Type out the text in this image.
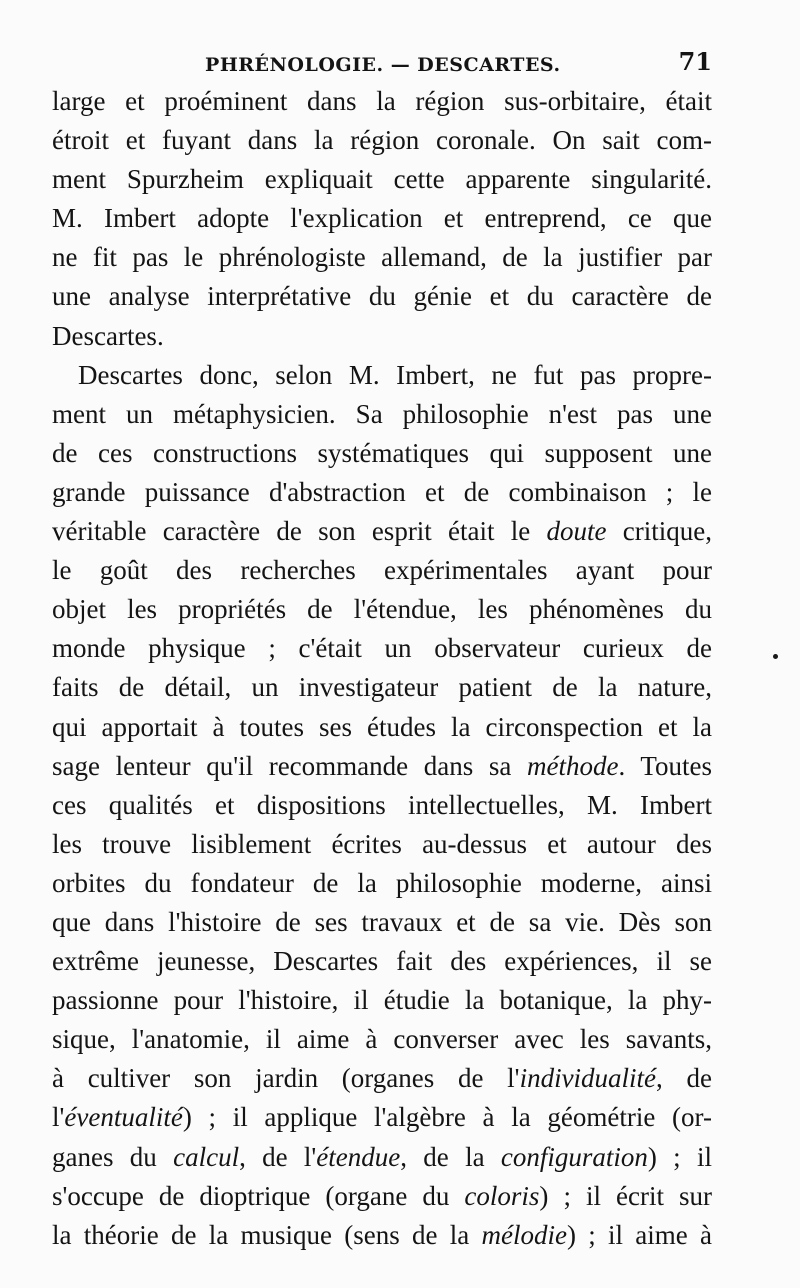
PHRÉNOLOGIE. — DESCARTES.	71
large et proéminent dans la région sus-orbitaire, était
étroit et fuyant dans la région coronale. On sait com-
ment Spurzheim expliquait cette apparente singularité.
M. Imbert adopte l'explication et entreprend, ce que
ne fit pas le phrénologiste allemand, de la justifier par
une analyse interprétative du génie et du caractère de
Descartes.
Descartes donc, selon M. Imbert, ne fut pas propre-
ment un métaphysicien. Sa philosophie n'est pas une
de ces constructions systématiques qui supposent une
grande puissance d'abstraction et de combinaison ; le
véritable caractère de son esprit était le doute critique,
le goût des recherches expérimentales ayant pour
objet les propriétés de l'étendue, les phénomènes du
monde physique ; c'était un observateur curieux de
faits de détail, un investigateur patient de la nature,
qui apportait à toutes ses études la circonspection et la
sage lenteur qu'il recommande dans sa méthode. Toutes
ces qualités et dispositions intellectuelles, M. Imbert
les trouve lisiblement écrites au-dessus et autour des
orbites du fondateur de la philosophie moderne, ainsi
que dans l'histoire de ses travaux et de sa vie. Dès son
extrême jeunesse, Descartes fait des expériences, il se
passionne pour l'histoire, il étudie la botanique, la phy-
sique, l'anatomie, il aime à converser avec les savants,
à cultiver son jardin (organes de l'individualité, de
l'éventualité) ; il applique l'algèbre à la géométrie (or-
ganes du calcul, de l'étendue, de la configuration) ; il
s'occupe de dioptrique (organe du coloris) ; il écrit sur
la théorie de la musique (sens de la mélodie) ; il aime à
